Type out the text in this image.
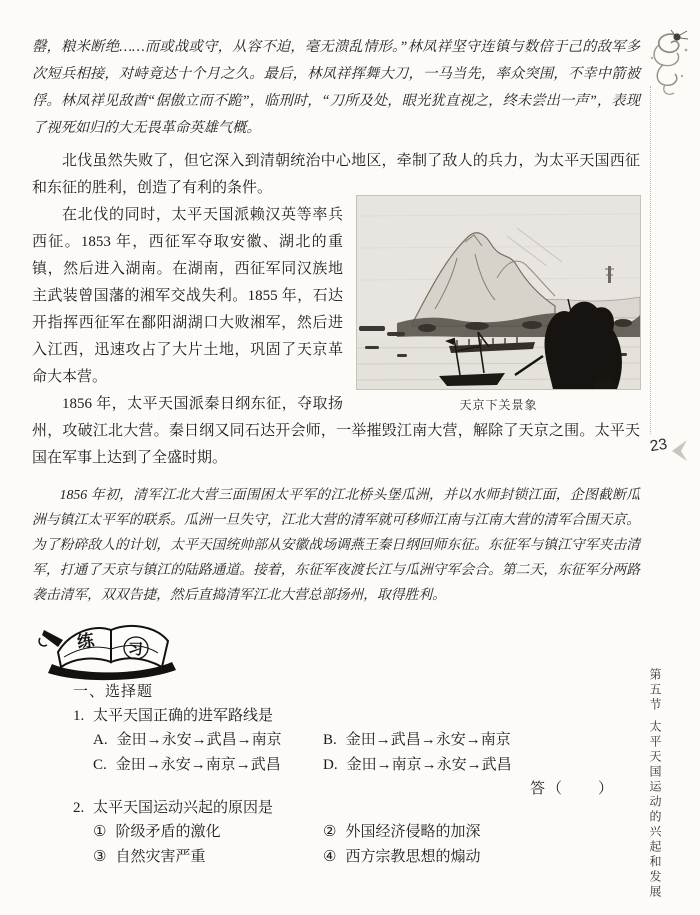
罄，粮米断绝……而或战或守，从容不迫，毫无溃乱情形。”林凤祥坚守连镇与数倍于己的敌军多次短兵相接，对峙竟达十个月之久。最后，林凤祥挥舞大刀，一马当先，率众突围，不幸中箭被俘。林凤祥见敌酋“倨傲立而不跪”，临刑时，“刀所及处，眼光犹直视之，终未尝出一声”，表现了视死如归的大无畏革命英雄气概。

北伐虽然失败了，但它深入到清朝统治中心地区，牵制了敌人的兵力，为太平天国西征和东征的胜利，创造了有利的条件。

天京下关景象

在北伐的同时，太平天国派赖汉英等率兵西征。1853 年，西征军夺取安徽、湖北的重镇，然后进入湖南。在湖南，西征军同汉族地主武装曾国藩的湘军交战失利。1855 年，石达开指挥西征军在鄱阳湖湖口大败湘军，然后进入江西，迅速攻占了大片土地，巩固了天京革命大本营。

1856 年，太平天国派秦日纲东征，夺取扬州，攻破江北大营。秦日纲又同石达开会师，一举摧毁江南大营，解除了天京之围。太平天国在军事上达到了全盛时期。

1856 年初，清军江北大营三面围困太平军的江北桥头堡瓜洲，并以水师封锁江面，企图截断瓜洲与镇江太平军的联系。瓜洲一旦失守，江北大营的清军就可移师江南与江南大营的清军合围天京。为了粉碎敌人的计划，太平天国统帅部从安徽战场调燕王秦日纲回师东征。东征军与镇江守军夹击清军，打通了天京与镇江的陆路通道。接着，东征军夜渡长江与瓜洲守军会合。第二天，东征军分两路袭击清军，双双告捷，然后直捣清军江北大营总部扬州，取得胜利。

练 习
一、选择题
1. 太平天国正确的进军路线是
A. 金田→永安→武昌→南京	B. 金田→武昌→永安→南京
C. 金田→永安→南京→武昌	D. 金田→南京→永安→武昌
答（　　）
2. 太平天国运动兴起的原因是
① 阶级矛盾的激化	② 外国经济侵略的加深
③ 自然灾害严重	④ 西方宗教思想的煽动
23
第五节
太平天国运动的兴起和发展
